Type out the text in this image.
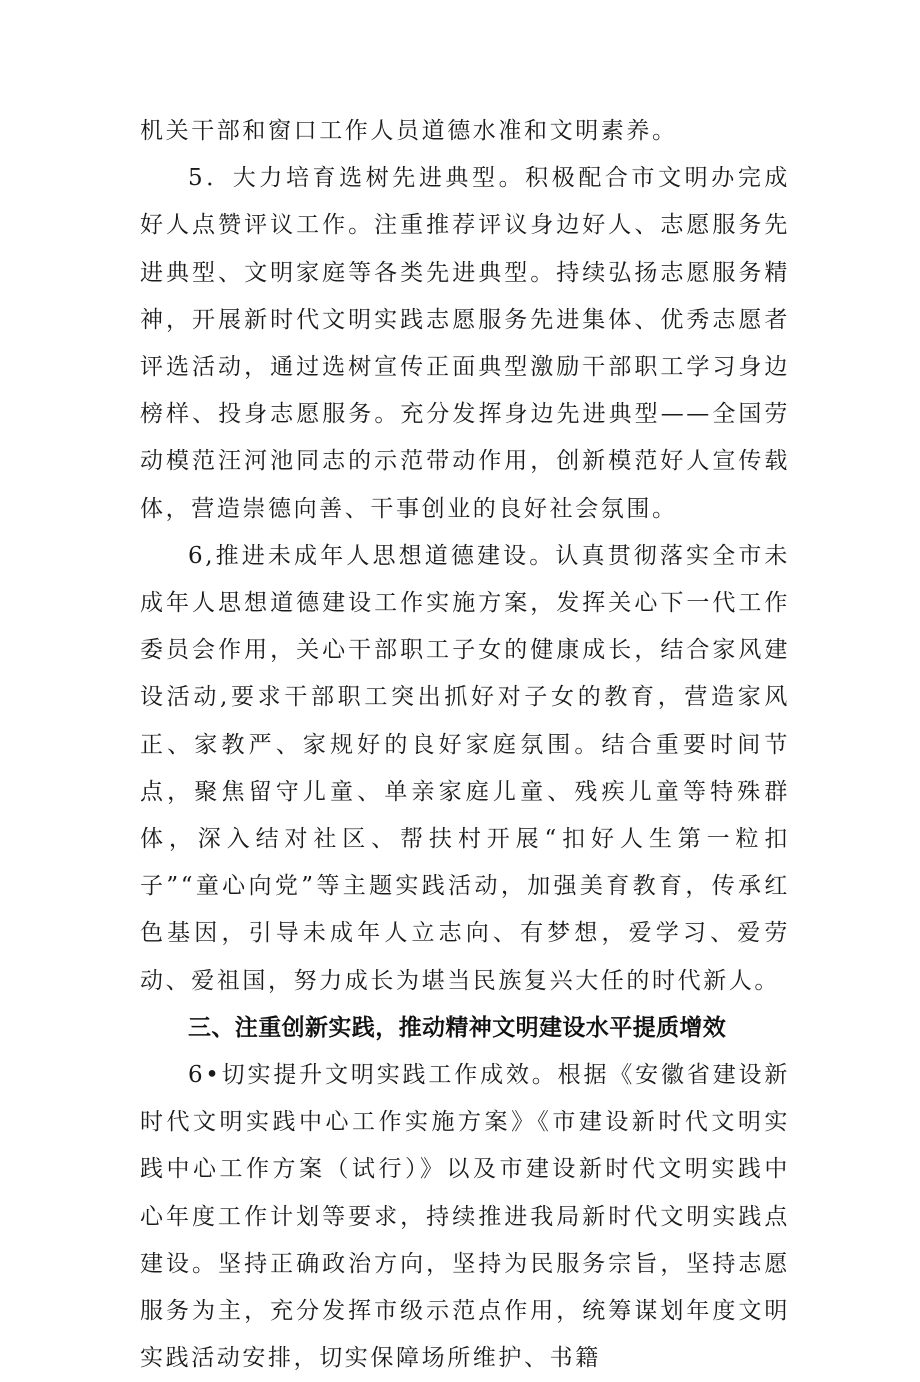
机关干部和窗口工作人员道德水准和文明素养。

5．大力培育选树先进典型。积极配合市文明办完成好人点赞评议工作。注重推荐评议身边好人、志愿服务先进典型、文明家庭等各类先进典型。持续弘扬志愿服务精神，开展新时代文明实践志愿服务先进集体、优秀志愿者评选活动，通过选树宣传正面典型激励干部职工学习身边榜样、投身志愿服务。充分发挥身边先进典型——全国劳动模范汪河池同志的示范带动作用，创新模范好人宣传载体，营造崇德向善、干事创业的良好社会氛围。

6,推进未成年人思想道德建设。认真贯彻落实全市未成年人思想道德建设工作实施方案，发挥关心下一代工作委员会作用，关心干部职工子女的健康成长，结合家风建设活动,要求干部职工突出抓好对子女的教育，营造家风正、家教严、家规好的良好家庭氛围。结合重要时间节点，聚焦留守儿童、单亲家庭儿童、残疾儿童等特殊群体，深入结对社区、帮扶村开展“扣好人生第一粒扣子”“童心向党”等主题实践活动，加强美育教育，传承红色基因，引导未成年人立志向、有梦想，爱学习、爱劳动、爱祖国，努力成长为堪当民族复兴大任的时代新人。

三、注重创新实践，推动精神文明建设水平提质增效

6•切实提升文明实践工作成效。根据《安徽省建设新时代文明实践中心工作实施方案》《市建设新时代文明实践中心工作方案（试行）》以及市建设新时代文明实践中心年度工作计划等要求，持续推进我局新时代文明实践点建设。坚持正确政治方向，坚持为民服务宗旨，坚持志愿服务为主，充分发挥市级示范点作用，统筹谋划年度文明实践活动安排，切实保障场所维护、书籍
